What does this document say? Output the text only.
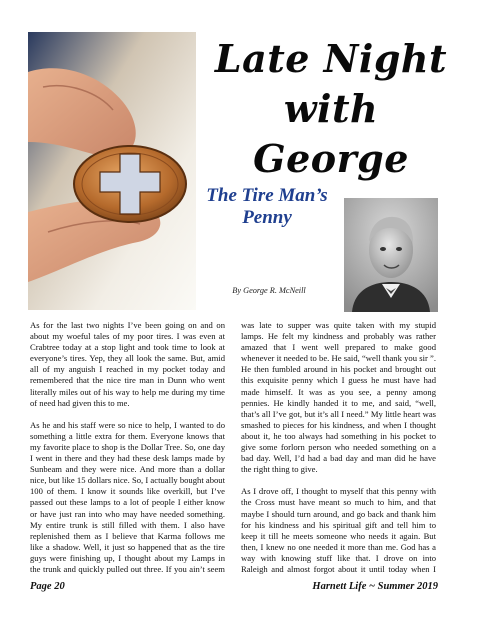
Late Night
with George
The Tire Man’s
Penny
By George R. McNeill

As for the last two nights I’ve been going on and on about my woeful tales of my poor tires. I was even at Crabtree today at a stop light and took time to look at everyone’s tires. Yep, they all look the same. But, amid all of my anguish I reached in my pocket today and remembered that the nice tire man in Dunn who went literally miles out of his way to help me during my time of need had given this to me.

As he and his staff were so nice to help, I wanted to do something a little extra for them. Everyone knows that my favorite place to shop is the Dollar Tree. So, one day I went in there and they had these desk lamps made by Sunbeam and they were nice. And more than a dollar nice, but like 15 dollars nice. So, I actually bought about 100 of them. I know it sounds like overkill, but I’ve passed out these lamps to a lot of people I either know or have just ran into who may have needed something. My entire trunk is still filled with them. I also have replenished them as I believe that Karma follows me like a shadow. Well, it just so happened that as the tire guys were finishing up, I thought about my Lamps in the trunk and quickly pulled out three. If you ain’t seem

was late to supper was quite taken with my stupid lamps. He felt my kindness and probably was rather amazed that I went well prepared to make good whenever it needed to be. He said, “well thank you sir ”. He then fumbled around in his pocket and brought out this exquisite penny which I guess he must have had made himself. It was as you see, a penny among pennies. He kindly handed it to me, and said, “well, that’s all I’ve got, but it’s all I need.” My little heart was smashed to pieces for his kindness, and when I thought about it, he too always had something in his pocket to give some forlorn person who needed something on a bad day. Well, I’d had a bad day and man did he have the right thing to give.

As I drove off, I thought to myself that this penny with the Cross must have meant so much to him, and that maybe I should turn around, and go back and thank him for his kindness and his spiritual gift and tell him to keep it till he meets someone who needs it again. But then, I knew no one needed it more than me. God has a way with knowing stuff like that. I drove on into Raleigh and almost forgot about it until today when I

Page 20	Harnett Life ~ Summer 2019
